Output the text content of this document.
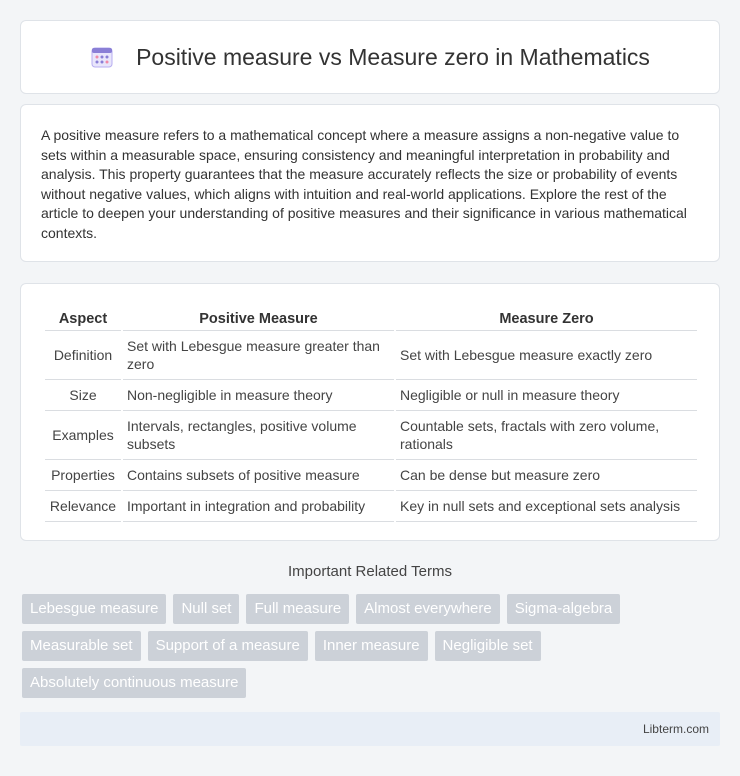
Positive measure vs Measure zero in Mathematics

A positive measure refers to a mathematical concept where a measure assigns a non-negative value to sets within a measurable space, ensuring consistency and meaningful interpretation in probability and analysis. This property guarantees that the measure accurately reflects the size or probability of events without negative values, which aligns with intuition and real-world applications. Explore the rest of the article to deepen your understanding of positive measures and their significance in various mathematical contexts.

Aspect	Positive Measure	Measure Zero
Definition	Set with Lebesgue measure greater than zero	Set with Lebesgue measure exactly zero
Size	Non-negligible in measure theory	Negligible or null in measure theory
Examples	Intervals, rectangles, positive volume subsets	Countable sets, fractals with zero volume, rationals
Properties	Contains subsets of positive measure	Can be dense but measure zero
Relevance	Important in integration and probability	Key in null sets and exceptional sets analysis
Important Related Terms
Lebesgue measure	Null set	Full measure	Almost everywhere	Sigma-algebra
Measurable set	Support of a measure	Inner measure	Negligible set
Absolutely continuous measure
Libterm.com
